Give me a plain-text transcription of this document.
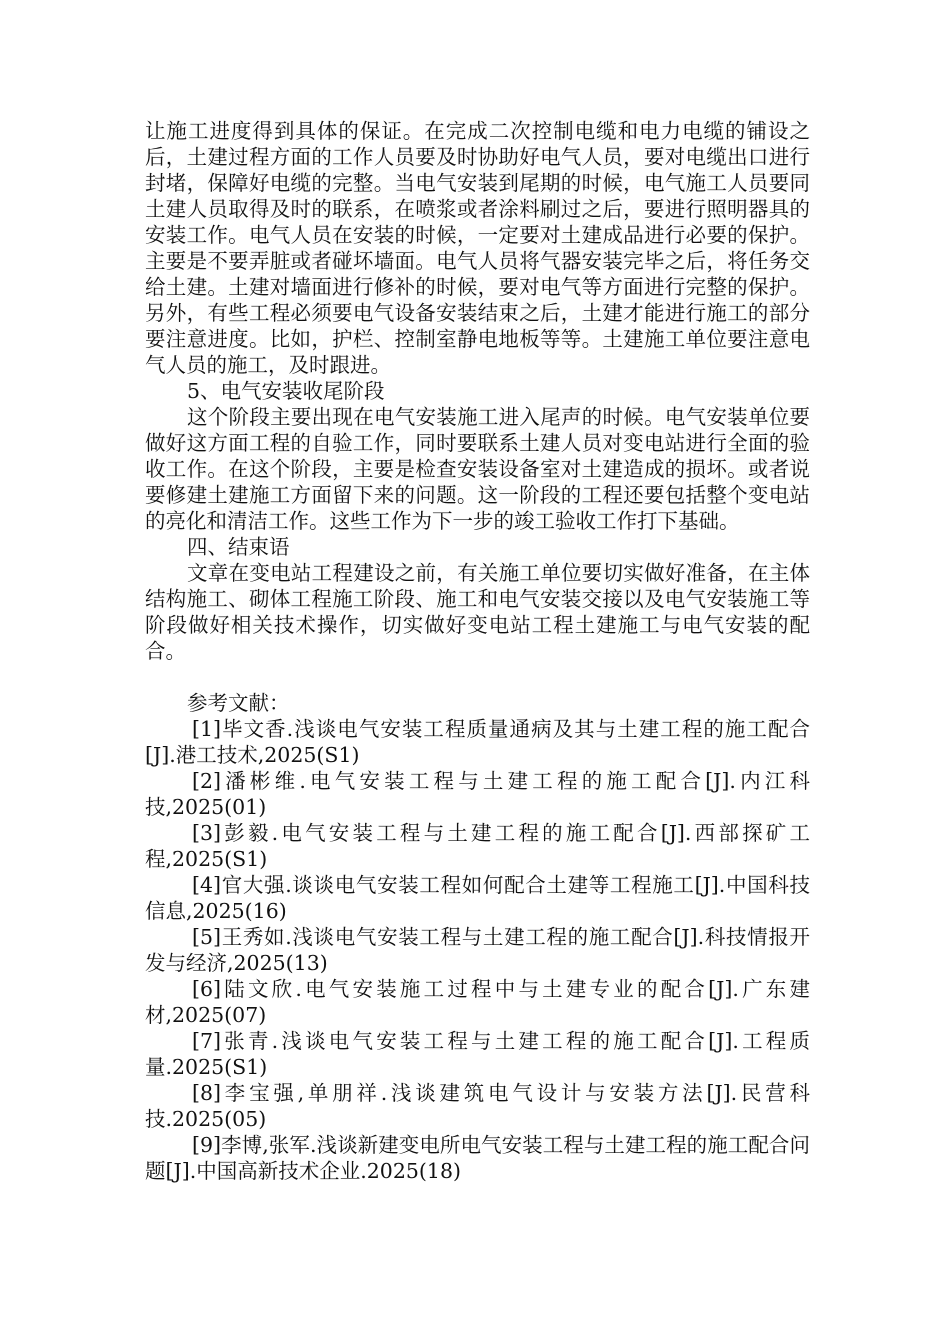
让施工进度得到具体的保证。在完成二次控制电缆和电力电缆的铺设之后，土建过程方面的工作人员要及时协助好电气人员，要对电缆出口进行封堵，保障好电缆的完整。当电气安装到尾期的时候，电气施工人员要同土建人员取得及时的联系，在喷浆或者涂料刷过之后，要进行照明器具的安装工作。电气人员在安装的时候，一定要对土建成品进行必要的保护。主要是不要弄脏或者碰坏墙面。电气人员将气器安装完毕之后，将任务交给土建。土建对墙面进行修补的时候，要对电气等方面进行完整的保护。另外，有些工程必须要电气设备安装结束之后，土建才能进行施工的部分要注意进度。比如，护栏、控制室静电地板等等。土建施工单位要注意电气人员的施工，及时跟进。

5、电气安装收尾阶段

这个阶段主要出现在电气安装施工进入尾声的时候。电气安装单位要做好这方面工程的自验工作，同时要联系土建人员对变电站进行全面的验收工作。在这个阶段，主要是检查安装设备室对土建造成的损坏。或者说要修建土建施工方面留下来的问题。这一阶段的工程还要包括整个变电站的亮化和清洁工作。这些工作为下一步的竣工验收工作打下基础。

四、结束语

文章在变电站工程建设之前，有关施工单位要切实做好准备，在主体结构施工、砌体工程施工阶段、施工和电气安装交接以及电气安装施工等阶段做好相关技术操作，切实做好变电站工程土建施工与电气安装的配合。

参考文献：

[1]毕文香.浅谈电气安装工程质量通病及其与土建工程的施工配合[J].港工技术,2025(S1)

[2]潘彬维.电气安装工程与土建工程的施工配合[J].内江科技,2025(01)

[3]彭毅.电气安装工程与土建工程的施工配合[J].西部探矿工程,2025(S1)

[4]官大强.谈谈电气安装工程如何配合土建等工程施工[J].中国科技信息,2025(16)

[5]王秀如.浅谈电气安装工程与土建工程的施工配合[J].科技情报开发与经济,2025(13)

[6]陆文欣.电气安装施工过程中与土建专业的配合[J].广东建材,2025(07)

[7]张青.浅谈电气安装工程与土建工程的施工配合[J].工程质量.2025(S1)

[8]李宝强,单朋祥.浅谈建筑电气设计与安装方法[J].民营科技.2025(05)

[9]李博,张军.浅谈新建变电所电气安装工程与土建工程的施工配合问题[J].中国高新技术企业.2025(18)
